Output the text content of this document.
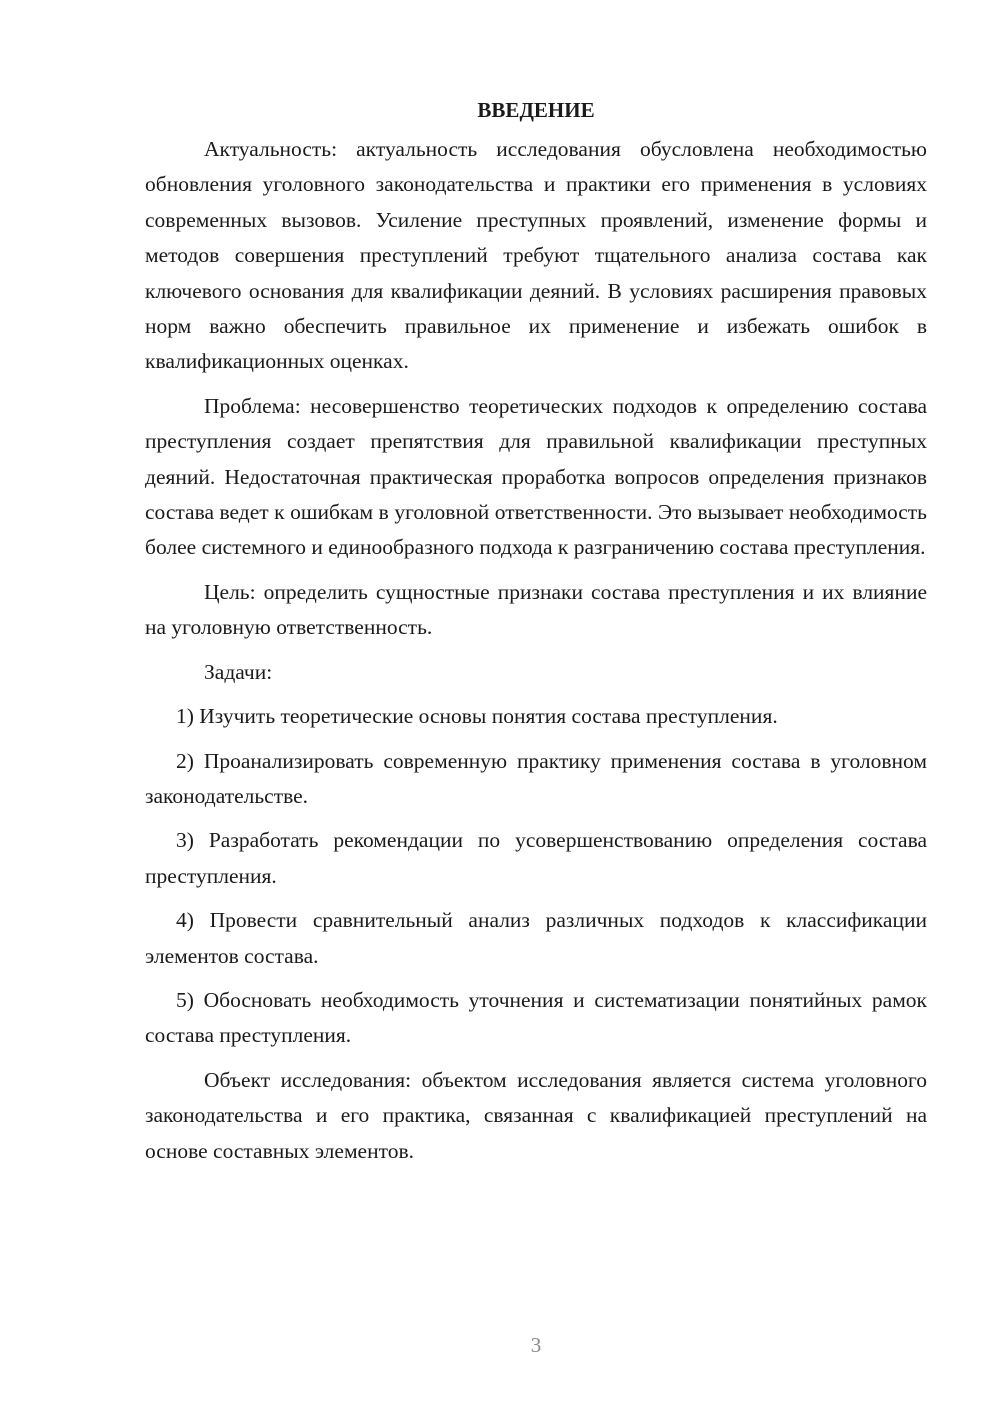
ВВЕДЕНИЕ

Актуальность: актуальность исследования обусловлена необходимостью обновления уголовного законодательства и практики его применения в условиях современных вызовов. Усиление преступных проявлений, изменение формы и методов совершения преступлений требуют тщательного анализа состава как ключевого основания для квалификации деяний. В условиях расширения правовых норм важно обеспечить правильное их применение и избежать ошибок в квалификационных оценках.

Проблема: несовершенство теоретических подходов к определению состава преступления создает препятствия для правильной квалификации преступных деяний. Недостаточная практическая проработка вопросов определения признаков состава ведет к ошибкам в уголовной ответственности. Это вызывает необходимость более системного и единообразного подхода к разграничению состава преступления.

Цель: определить сущностные признаки состава преступления и их влияние на уголовную ответственность.

Задачи:

1) Изучить теоретические основы понятия состава преступления.

2) Проанализировать современную практику применения состава в уголовном законодательстве.

3) Разработать рекомендации по усовершенствованию определения состава преступления.

4) Провести сравнительный анализ различных подходов к классификации элементов состава.

5) Обосновать необходимость уточнения и систематизации понятийных рамок состава преступления.

Объект исследования: объектом исследования является система уголовного законодательства и его практика, связанная с квалификацией преступлений на основе составных элементов.

3
